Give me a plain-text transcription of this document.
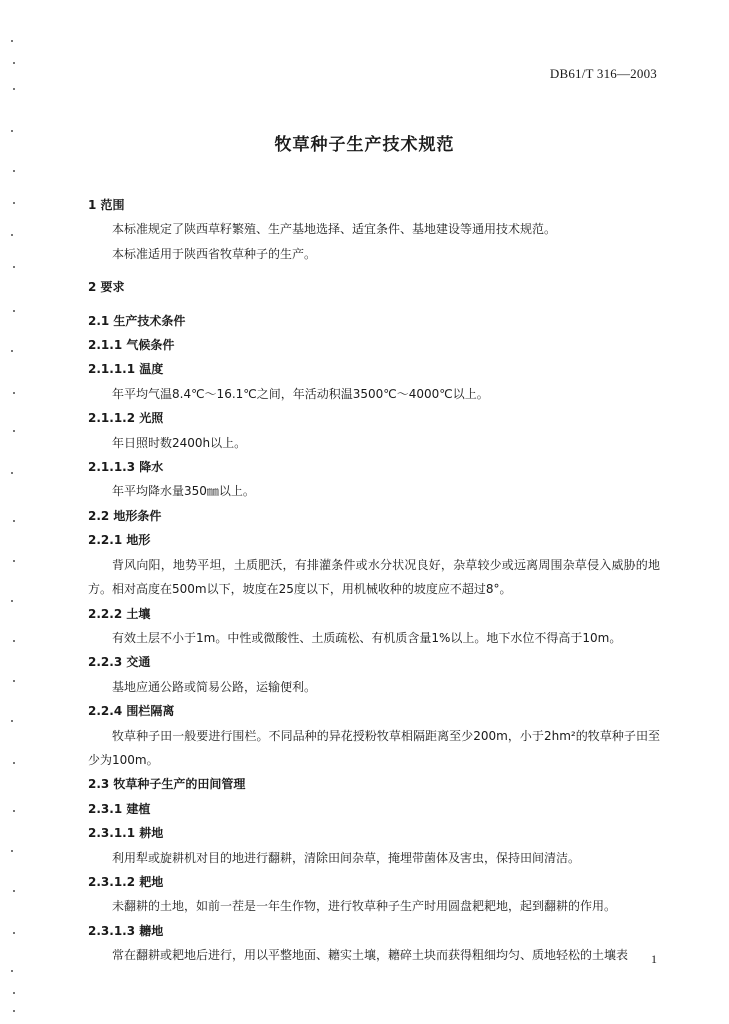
DB61/T 316—2003
牧草种子生产技术规范
1 范围
本标准规定了陕西草籽繁殖、生产基地选择、适宜条件、基地建设等通用技术规范。
本标准适用于陕西省牧草种子的生产。
2 要求
2.1 生产技术条件
2.1.1 气候条件
2.1.1.1 温度
年平均气温8.4℃～16.1℃之间，年活动积温3500℃～4000℃以上。
2.1.1.2 光照
年日照时数2400h以上。
2.1.1.3 降水
年平均降水量350㎜以上。
2.2 地形条件
2.2.1 地形
背风向阳，地势平坦，土质肥沃，有排灌条件或水分状况良好，杂草较少或远离周围杂草侵入威胁的地方。相对高度在500m以下，坡度在25度以下，用机械收种的坡度应不超过8°。
2.2.2 土壤
有效土层不小于1m。中性或微酸性、土质疏松、有机质含量1%以上。地下水位不得高于10m。
2.2.3 交通
基地应通公路或简易公路，运输便利。
2.2.4 围栏隔离
牧草种子田一般要进行围栏。不同品种的异花授粉牧草相隔距离至少200m，小于2hm²的牧草种子田至少为100m。
2.3 牧草种子生产的田间管理
2.3.1 建植
2.3.1.1 耕地
利用犁或旋耕机对目的地进行翻耕，清除田间杂草，掩埋带菌体及害虫，保持田间清洁。
2.3.1.2 耙地
未翻耕的土地，如前一茬是一年生作物，进行牧草种子生产时用圆盘耙耙地，起到翻耕的作用。
2.3.1.3 耱地
常在翻耕或耙地后进行，用以平整地面、耱实土壤，耱碎土块而获得粗细均匀、质地轻松的土壤表	1
